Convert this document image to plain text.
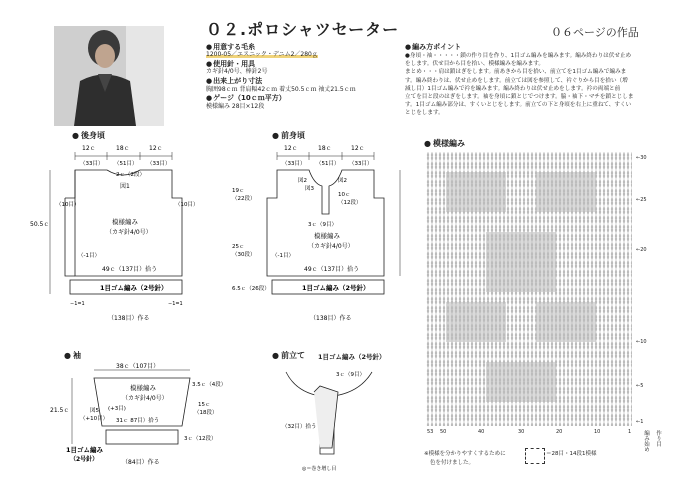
０２.ポロシャツセーター	０６ページの作品
● 用意する毛糸
1200-05／エスニック・デニム2／280ｇ
● 使用針・用具
カギ針4/0号、棒針2号
● 出来上がり寸法
胸囲98ｃｍ 背肩幅42ｃｍ 着丈50.5ｃｍ 袖丈21.5ｃｍ
● ゲージ（10ｃｍ平方）
模様編み 28目×12段
● 編み方ポイント
●身頃・袖・・・・・鎖の作り目を作り、1目ゴム編みを編みます。編み終わりは伏せ止め
をします。伏せ目から目を拾い、模様編みを編みます。
まとめ・・・肩は鎖はぎをします。前あきから目を拾い、前立てを1目ゴム編みで編みま
す。編み終わりは、伏せ止めをします。前立ては図を参照して、衿ぐりから目を拾い（増
減し目）1目ゴム編みで衿を編みます。編み終わりは伏せ止めをします。衿の両端と前
立てを目と段のはぎをします。袖を身頃に鎖とじでつけます。脇・袖下・マチを鎖とじしま
す。1目ゴム編み部分は、すくいとじをします。前立ての下と身頃を右上に重ねて、すくい
とじをします。
● 後身頃
12ｃ	18ｃ	12ｃ
（33目） （51目） （33目）
2ｃ（2段）
図1
（10目）	（10目）
模様編み
（カギ針4/0号）
50.5ｃ
（-1目）
49ｃ（137目）拾う
1目ゴム編み（2号針）
−1=1	−1=1
（138目）作る
● 前身頃
12ｃ	18ｃ	12ｃ
（33目） （51目） （33目）
図2
図3
図2
10ｃ
（12段）
19ｃ
（22段）
25ｃ
（30段）
3ｃ（9目）
模様編み
（カギ針4/0号）
（-1目）
49ｃ（137目）拾う
6.5ｃ（26段）	1目ゴム編み（2号針）
（138目）作る
● 袖
38ｃ（107目）
模様編み
（カギ針4/0号）
図5
（+10目）
(+3目)
31ｃ 87目）拾う
3.5ｃ（4段）
15ｃ
（18段）
21.5ｃ
3ｃ（12段）
1目ゴム編み
（2号針）	（84目）作る
● 前立て 1目ゴム編み（2号針）
3ｃ（9目）
（32目）拾う
◎＝巻き増し目
● 模様編み
←30
←25
←20
←10
←5
←1
53 50	40	30	20	10	1
※模様を分かりやすくするために
色を付けました。
＝28目・14段1模様
編み始め	作り目
